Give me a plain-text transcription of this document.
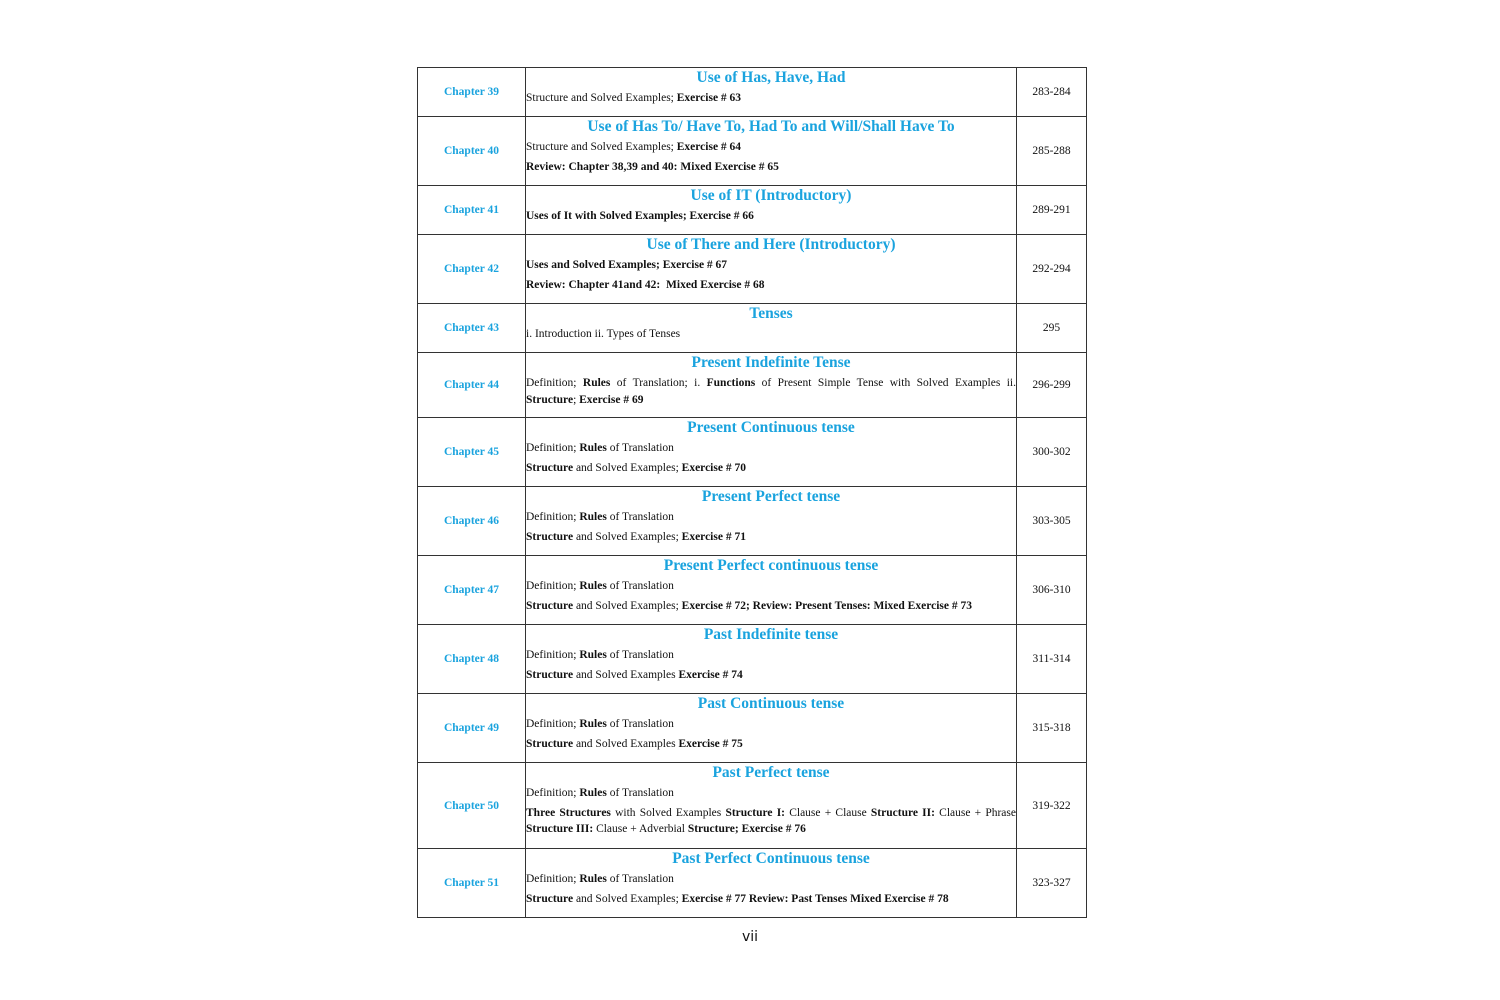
Chapter 39	Use of Has, Have, Had
Structure and Solved Examples; Exercise # 63	283-284
Chapter 40	Use of Has To/ Have To, Had To and Will/Shall Have To
Structure and Solved Examples; Exercise # 64
Review: Chapter 38,39 and 40: Mixed Exercise # 65	285-288
Chapter 41	Use of IT (Introductory)
Uses of It with Solved Examples; Exercise # 66	289-291
Chapter 42	Use of There and Here (Introductory)
Uses and Solved Examples; Exercise # 67
Review: Chapter 41and 42:  Mixed Exercise # 68	292-294
Chapter 43	Tenses
i. Introduction ii. Types of Tenses	295
Chapter 44	Present Indefinite Tense
Definition; Rules of Translation; i. Functions of Present Simple Tense with Solved Examples ii. Structure; Exercise # 69	296-299
Chapter 45	Present Continuous tense
Definition; Rules of Translation
Structure and Solved Examples; Exercise # 70	300-302
Chapter 46	Present Perfect tense
Definition; Rules of Translation
Structure and Solved Examples; Exercise # 71	303-305
Chapter 47	Present Perfect continuous tense
Definition; Rules of Translation
Structure and Solved Examples; Exercise # 72; Review: Present Tenses: Mixed Exercise # 73	306-310
Chapter 48	Past Indefinite tense
Definition; Rules of Translation
Structure and Solved Examples Exercise # 74	311-314
Chapter 49	Past Continuous tense
Definition; Rules of Translation
Structure and Solved Examples Exercise # 75	315-318
Chapter 50	Past Perfect tense
Definition; Rules of Translation
Three Structures with Solved Examples Structure I: Clause + Clause Structure II: Clause + Phrase Structure III: Clause + Adverbial Structure; Exercise # 76	319-322
Chapter 51	Past Perfect Continuous tense
Definition; Rules of Translation
Structure and Solved Examples; Exercise # 77 Review: Past Tenses Mixed Exercise # 78	323-327
vii
